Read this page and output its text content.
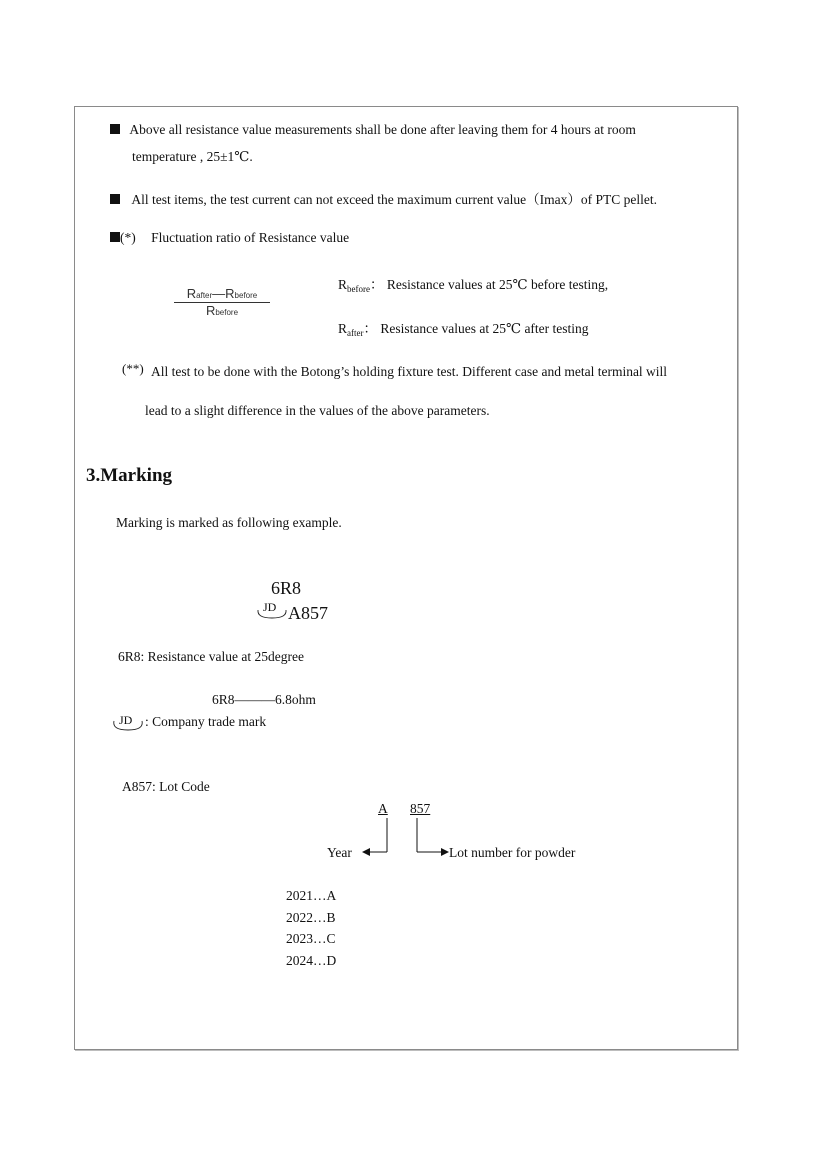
Above all resistance value measurements shall be done after leaving them for 4 hours at room
temperature , 25±1℃.
All test items, the test current can not exceed the maximum current value（Imax）of PTC pellet.
(*) Fluctuation ratio of Resistance value
Rafter—Rbefore
Rbefore
$R_{before}$： Resistance values at 25℃ before testing,
$R_{after}$： Resistance values at 25℃ after testing
(**) All test to be done with the Botong’s holding fixture test. Different case and metal terminal will
lead to a slight difference in the values of the above parameters.
3.Marking
Marking is marked as following example.
6R8
JD A857
6R8: Resistance value at 25degree
6R8———6.8ohm
JD : Company trade mark
A857: Lot Code
A 857
Year	Lot number for powder
2021…A
2022…B
2023…C
2024…D
